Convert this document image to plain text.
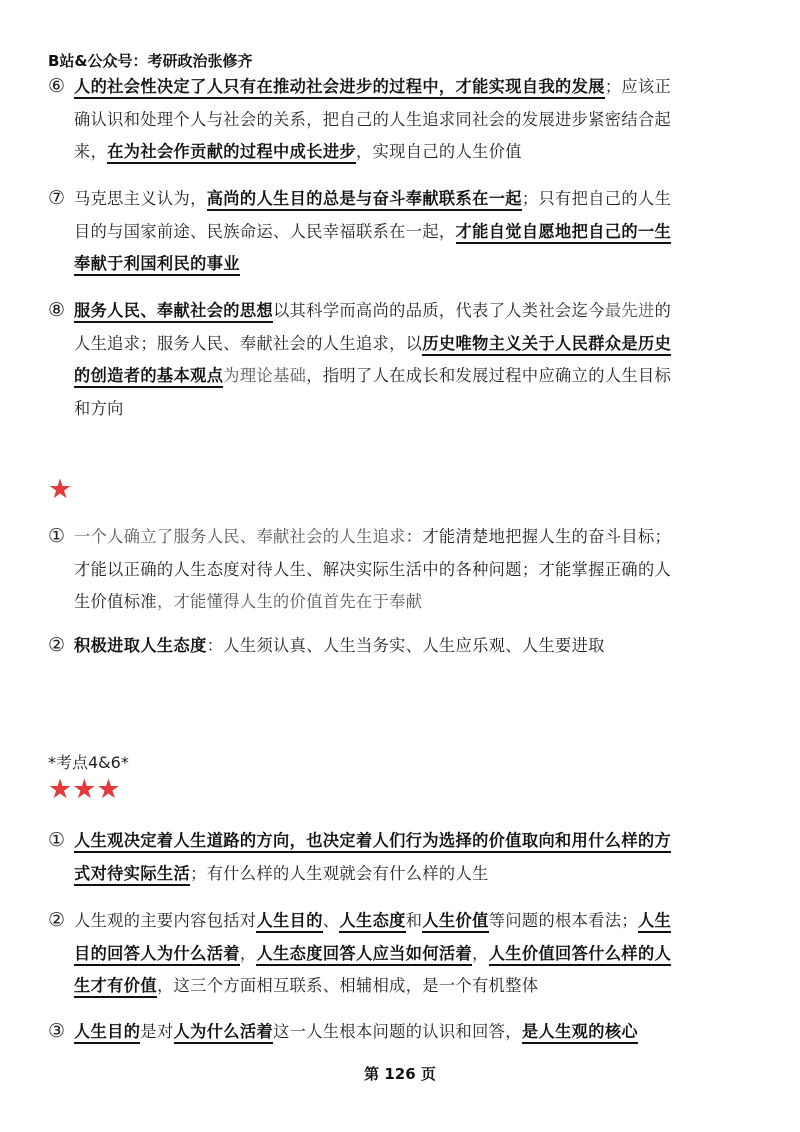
B站&公众号：考研政治张修齐
⑥ 人的社会性决定了人只有在推动社会进步的过程中，才能实现自我的发展；应该正
确认识和处理个人与社会的关系，把自己的人生追求同社会的发展进步紧密结合起
来，在为社会作贡献的过程中成长进步，实现自己的人生价值
⑦ 马克思主义认为，高尚的人生目的总是与奋斗奉献联系在一起；只有把自己的人生
目的与国家前途、民族命运、人民幸福联系在一起，才能自觉自愿地把自己的一生
奉献于利国利民的事业
⑧ 服务人民、奉献社会的思想以其科学而高尚的品质，代表了人类社会迄今最先进的
人生追求；服务人民、奉献社会的人生追求，以历史唯物主义关于人民群众是历史
的创造者的基本观点为理论基础，指明了人在成长和发展过程中应确立的人生目标
和方向
★
① 一个人确立了服务人民、奉献社会的人生追求：才能清楚地把握人生的奋斗目标；
才能以正确的人生态度对待人生、解决实际生活中的各种问题；才能掌握正确的人
生价值标准，才能懂得人生的价值首先在于奉献
② 积极进取人生态度：人生须认真、人生当务实、人生应乐观、人生要进取
*考点4&6*
★★★
① 人生观决定着人生道路的方向，也决定着人们行为选择的价值取向和用什么样的方
式对待实际生活；有什么样的人生观就会有什么样的人生
② 人生观的主要内容包括对人生目的、人生态度和人生价值等问题的根本看法；人生
目的回答人为什么活着，人生态度回答人应当如何活着，人生价值回答什么样的人
生才有价值，这三个方面相互联系、相辅相成，是一个有机整体
③ 人生目的是对人为什么活着这一人生根本问题的认识和回答，是人生观的核心
第 126 页
